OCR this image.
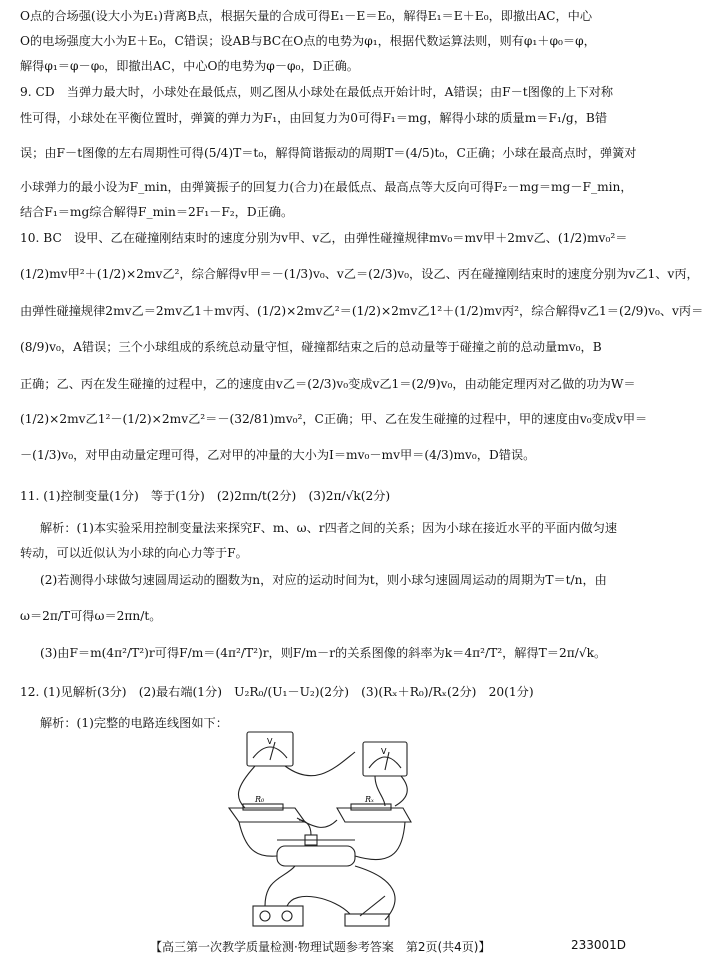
O点的合场强(设大小为E₁)背离B点，根据矢量的合成可得E₁－E＝E₀，解得E₁＝E＋E₀，即撤出AC，中心
O的电场强度大小为E＋E₀，C错误；设AB与BC在O点的电势为φ₁，根据代数运算法则，则有φ₁＋φ₀＝φ，
解得φ₁＝φ－φ₀，即撤出AC，中心O的电势为φ－φ₀，D正确。
9. CD　当弹力最大时，小球处在最低点，则乙图从小球处在最低点开始计时，A错误；由F－t图像的上下对称
性可得，小球处在平衡位置时，弹簧的弹力为F₁，由回复力为0可得F₁＝mg，解得小球的质量m＝F₁/g，B错
误；由F－t图像的左右周期性可得(5/4)T＝t₀，解得简谐振动的周期T＝(4/5)t₀，C正确；小球在最高点时，弹簧对
小球弹力的最小设为F_min，由弹簧振子的回复力(合力)在最低点、最高点等大反向可得F₂－mg＝mg－F_min，
结合F₁＝mg综合解得F_min＝2F₁－F₂，D正确。
10. BC　设甲、乙在碰撞刚结束时的速度分别为v甲、v乙，由弹性碰撞规律mv₀＝mv甲＋2mv乙、(1/2)mv₀²＝
(1/2)mv甲²＋(1/2)×2mv乙²，综合解得v甲＝－(1/3)v₀、v乙＝(2/3)v₀，设乙、丙在碰撞刚结束时的速度分别为v乙1、v丙，
由弹性碰撞规律2mv乙＝2mv乙1＋mv丙、(1/2)×2mv乙²＝(1/2)×2mv乙1²＋(1/2)mv丙²，综合解得v乙1＝(2/9)v₀、v丙＝
(8/9)v₀，A错误；三个小球组成的系统总动量守恒，碰撞都结束之后的总动量等于碰撞之前的总动量mv₀，B
正确；乙、丙在发生碰撞的过程中，乙的速度由v乙＝(2/3)v₀变成v乙1＝(2/9)v₀，由动能定理丙对乙做的功为W＝
(1/2)×2mv乙1²－(1/2)×2mv乙²＝－(32/81)mv₀²，C正确；甲、乙在发生碰撞的过程中，甲的速度由v₀变成v甲＝
－(1/3)v₀，对甲由动量定理可得，乙对甲的冲量的大小为I＝mv₀－mv甲＝(4/3)mv₀，D错误。
11. (1)控制变量(1分)　等于(1分)　(2)2πn/t(2分)　(3)2π/√k(2分)
解析：(1)本实验采用控制变量法来探究F、m、ω、r四者之间的关系；因为小球在接近水平的平面内做匀速
转动，可以近似认为小球的向心力等于F。
(2)若测得小球做匀速圆周运动的圈数为n，对应的运动时间为t，则小球匀速圆周运动的周期为T＝t/n，由
ω＝2π/T可得ω＝2πn/t。
(3)由F＝m(4π²/T²)r可得F/m＝(4π²/T²)r，则F/m－r的关系图像的斜率为k＝4π²/T²，解得T＝2π/√k。
12. (1)见解析(3分)　(2)最右端(1分)　U₂R₀/(U₁－U₂)(2分)　(3)(Rₓ＋R₀)/Rₓ(2分)　20(1分)
解析：(1)完整的电路连线图如下：
V
V
R₀	Rₓ
【高三第一次教学质量检测·物理试题参考答案　第2页(共4页)】	233001D
